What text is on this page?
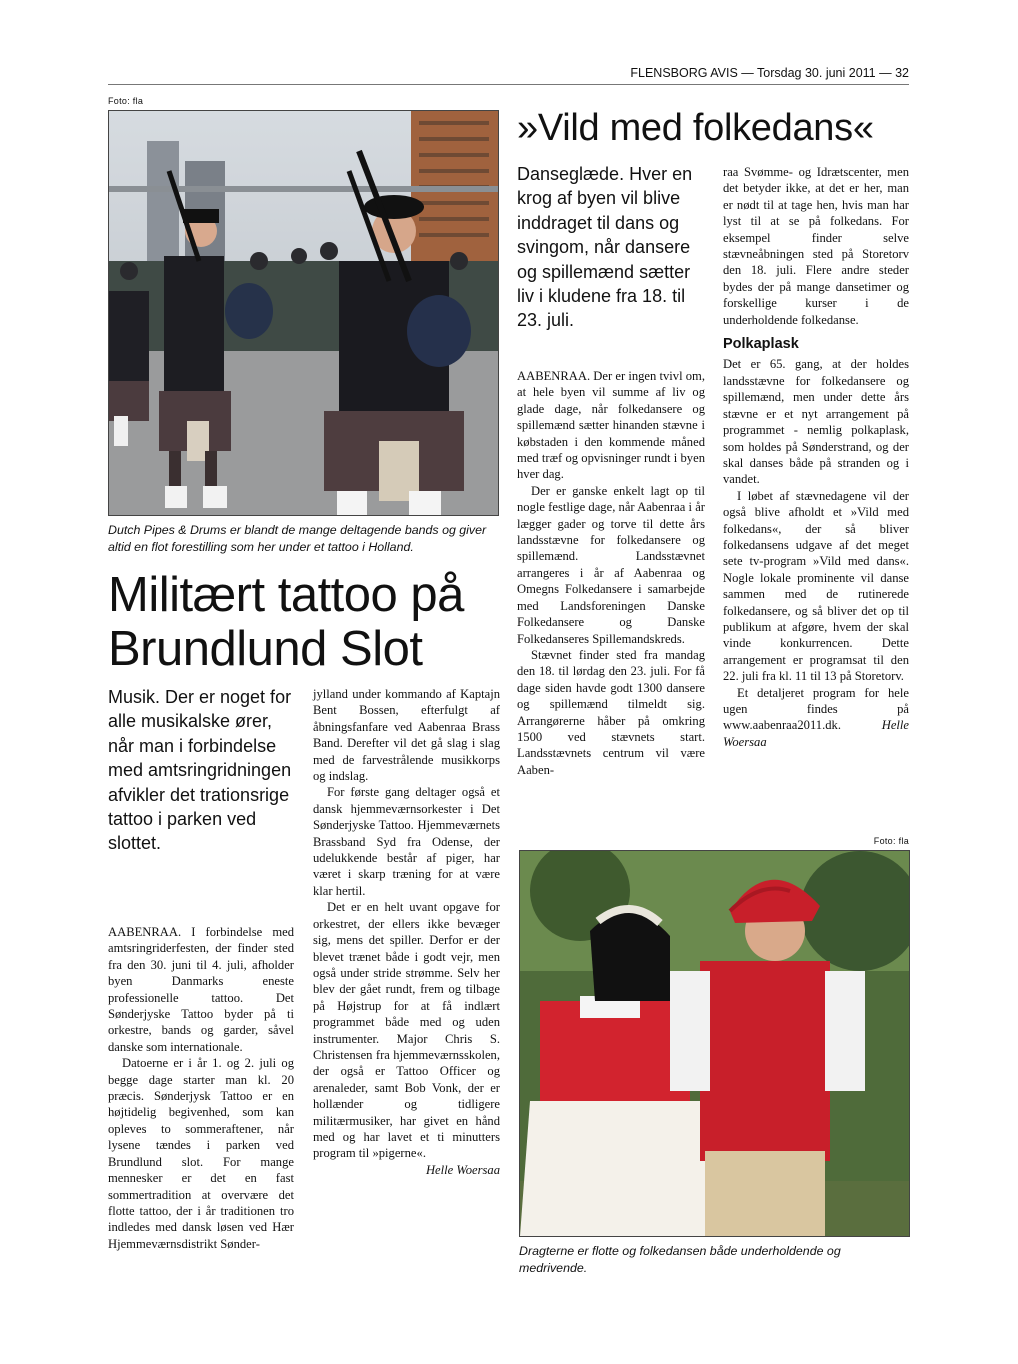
FLENSBORG AVIS — Torsdag 30. juni 2011 — 32
Foto: fla
Dutch Pipes & Drums er blandt de mange deltagende bands og giver altid en flot forestilling som her under et tattoo i Holland.
Militært tattoo på Brundlund Slot

Musik. Der er noget for alle musikalske ører, når man i forbindelse med amtsringridningen afvikler det trationsrige tattoo i parken ved slottet.

AABENRAA. I forbindelse med amtsringriderfesten, der finder sted fra den 30. juni til 4. juli, afholder byen Danmarks eneste professionelle tattoo. Det Sønderjyske Tattoo byder på ti orkestre, bands og garder, såvel danske som internationale.

Datoerne er i år 1. og 2. juli og begge dage starter man kl. 20 præcis. Sønderjysk Tattoo er en højtidelig begivenhed, som kan opleves to sommeraftener, når lysene tændes i parken ved Brundlund slot. For mange mennesker er det en fast sommertradition at overvære det flotte tattoo, der i år traditionen tro indledes med dansk løsen ved Hær Hjemmeværnsdistrikt Sønder-

jylland under kommando af Kaptajn Bent Bossen, efterfulgt af åbningsfanfare ved Aabenraa Brass Band. Derefter vil det gå slag i slag med de farvestrålende musikkorps og indslag.

For første gang deltager også et dansk hjemmeværnsorkester i Det Sønderjyske Tattoo. Hjemmeværnets Brassband Syd fra Odense, der udelukkende består af piger, har været i skarp træning for at være klar hertil.

Det er en helt uvant opgave for orkestret, der ellers ikke bevæger sig, mens det spiller. Derfor er der blevet trænet både i godt vejr, men også under stride strømme. Selv her blev der gået rundt, frem og tilbage på Højstrup for at få indlært programmet både med og uden instrumenter. Major Chris S. Christensen fra hjemmeværnsskolen, der også er Tattoo Officer og arenaleder, samt Bob Vonk, der er hollænder og tidligere militærmusiker, har givet en hånd med og har lavet et ti minutters program til »pigerne«.

Helle Woersaa
»Vild med folkedans«

Danseglæde. Hver en krog af byen vil blive inddraget til dans og svingom, når dansere og spillemænd sætter liv i kludene fra 18. til 23. juli.

AABENRAA. Der er ingen tvivl om, at hele byen vil summe af liv og glade dage, når folkedansere og spillemænd sætter hinanden stævne i købstaden i den kommende måned med træf og opvisninger rundt i byen hver dag.

Der er ganske enkelt lagt op til nogle festlige dage, når Aabenraa i år lægger gader og torve til dette års landsstævne for folkedansere og spillemænd. Landsstævnet arrangeres i år af Aabenraa og Omegns Folkedansere i samarbejde med Landsforeningen Danske Folkedansere og Danske Folkedanseres Spillemandskreds.

Stævnet finder sted fra mandag den 18. til lørdag den 23. juli. For få dage siden havde godt 1300 dansere og spillemænd tilmeldt sig. Arrangørerne håber på omkring 1500 ved stævnets start. Landsstævnets centrum vil være Aaben-

raa Svømme- og Idrætscenter, men det betyder ikke, at det er her, man er nødt til at tage hen, hvis man har lyst til at se på folkedans. For eksempel finder selve stævneåbningen sted på Storetorv den 18. juli. Flere andre steder bydes der på mange dansetimer og forskellige kurser i de underholdende folkedanse.

Polkaplask

Det er 65. gang, at der holdes landsstævne for folkedansere og spillemænd, men under dette års stævne er et nyt arrangement på programmet - nemlig polkaplask, som holdes på Sønderstrand, og der skal danses både på stranden og i vandet.

I løbet af stævnedagene vil der også blive afholdt et »Vild med folkedans«, der så bliver folkedansens udgave af det meget sete tv-program »Vild med dans«. Nogle lokale prominente vil danse sammen med de rutinerede folkedansere, og så bliver det op til publikum at afgøre, hvem der skal vinde konkurrencen. Dette arrangement er programsat til den 22. juli fra kl. 11 til 13 på Storetorv.

Et detaljeret program for hele ugen findes på www.aabenraa2011.dk.	Helle Woersaa

Foto: fla
Dragterne er flotte og folkedansen både underholdende og medrivende.
